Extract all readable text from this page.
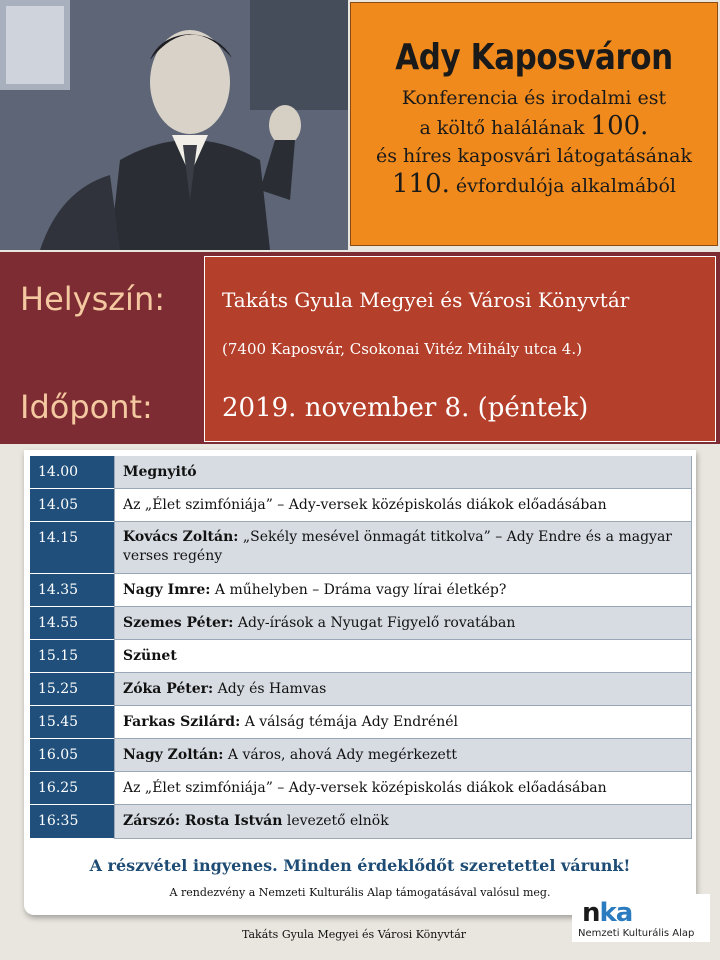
Ady Kaposváron
Konferencia és irodalmi est
a költő halálának 100.
és híres kaposvári látogatásának
110. évfordulója alkalmából
Helyszín:	Takáts Gyula Megyei és Városi Könyvtár
(7400 Kaposvár, Csokonai Vitéz Mihály utca 4.)
Időpont:	2019. november 8. (péntek)
14.00	Megnyitó
14.05	Az „Élet szimfóniája” – Ady-versek középiskolás diákok előadásában
14.15	Kovács Zoltán: „Sekély mesével önmagát titkolva” – Ady Endre és a magyar verses regény
14.35	Nagy Imre: A műhelyben – Dráma vagy lírai életkép?
14.55	Szemes Péter: Ady-írások a Nyugat Figyelő rovatában
15.15	Szünet
15.25	Zóka Péter: Ady és Hamvas
15.45	Farkas Szilárd: A válság témája Ady Endrénél
16.05	Nagy Zoltán: A város, ahová Ady megérkezett
16.25	Az „Élet szimfóniája” – Ady-versek középiskolás diákok előadásában
16:35	Zárszó: Rosta István levezető elnök
A részvétel ingyenes. Minden érdeklődőt szeretettel várunk!
A rendezvény a Nemzeti Kulturális Alap támogatásával valósul meg.
Takáts Gyula Megyei és Városi Könyvtár
nka
Nemzeti Kulturális Alap
